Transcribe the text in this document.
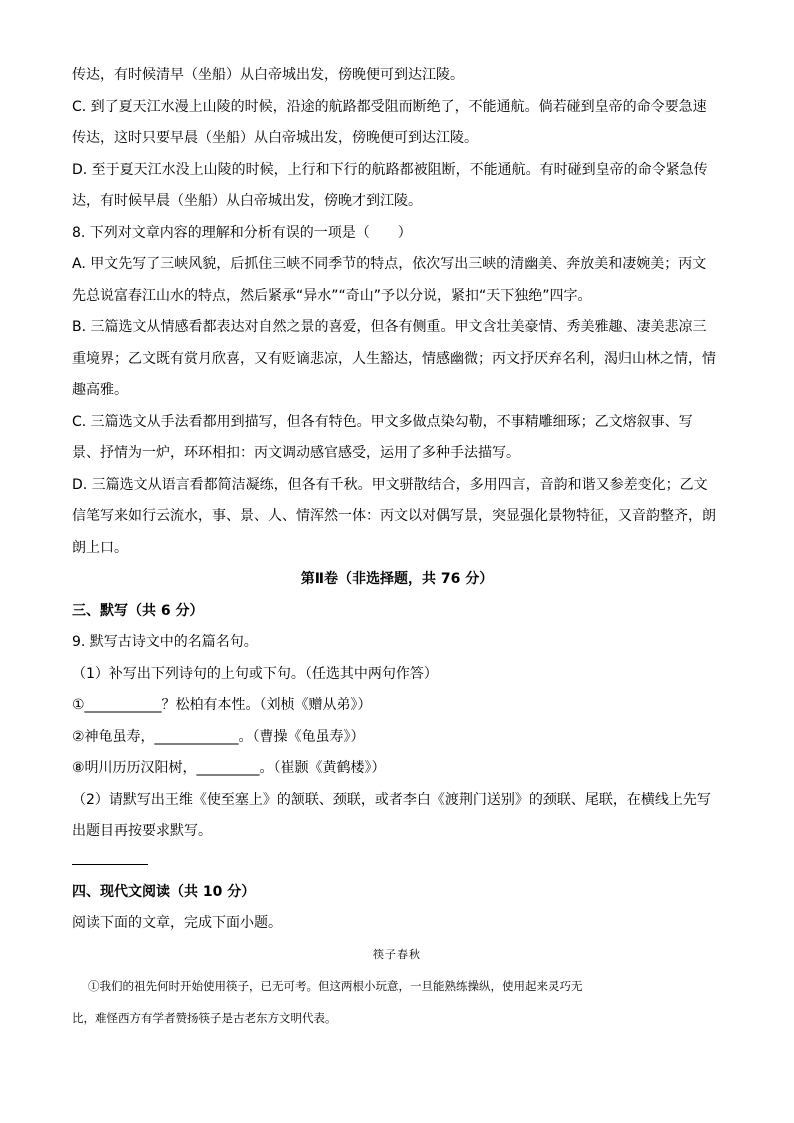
传达，有时候清早（坐船）从白帝城出发，傍晚便可到达江陵。

C. 到了夏天江水漫上山陵的时候，沿途的航路都受阻而断绝了，不能通航。倘若碰到皇帝的命令要急速

传达，这时只要早晨（坐船）从白帝城出发，傍晚便可到达江陵。

D. 至于夏天江水没上山陵的时候，上行和下行的航路都被阻断，不能通航。有时碰到皇帝的命令紧急传

达，有时候早晨（坐船）从白帝城出发，傍晚才到江陵。

8. 下列对文章内容的理解和分析有误的一项是（　　）

A. 甲文先写了三峡风貌，后抓住三峡不同季节的特点，依次写出三峡的清幽美、奔放美和凄婉美；丙文

先总说富春江山水的特点，然后紧承“异水”“奇山”予以分说，紧扣“天下独绝”四字。

B. 三篇选文从情感看都表达对自然之景的喜爱，但各有侧重。甲文含壮美豪情、秀美雅趣、凄美悲凉三

重境界；乙文既有赏月欣喜，又有贬谪悲凉，人生豁达，情感幽微；丙文抒厌弃名利，渴归山林之情，情

趣高雅。

C. 三篇选文从手法看都用到描写，但各有特色。甲文多做点染勾勒，不事精雕细琢；乙文熔叙事、写

景、抒情为一炉，环环相扣：丙文调动感官感受，运用了多种手法描写。

D. 三篇选文从语言看都简洁凝练，但各有千秋。甲文骈散结合，多用四言，音韵和谐又参差变化；乙文

信笔写来如行云流水，事、景、人、情浑然一体：丙文以对偶写景，突显强化景物特征，又音韵整齐，朗

朗上口。

第Ⅱ卷（非选择题，共 76 分）

三、默写（共 6 分）

9. 默写古诗文中的名篇名句。

（1）补写出下列诗句的上句或下句。（任选其中两句作答）

①___________？松柏有本性。（刘桢《赠从弟》）

②神龟虽寿，____________。（曹操《龟虽寿》）

⑧明川历历汉阳树，_________。（崔颢《黄鹤楼》）

（2）请默写出王维《使至塞上》的颔联、颈联，或者李白《渡荆门送别》的颈联、尾联，在横线上先写

出题目再按要求默写。

四、现代文阅读（共 10 分）

阅读下面的文章，完成下面小题。

筷子春秋

①我们的祖先何时开始使用筷子，已无可考。但这两根小玩意，一旦能熟练操纵，使用起来灵巧无

比，难怪西方有学者赞扬筷子是古老东方文明代表。
